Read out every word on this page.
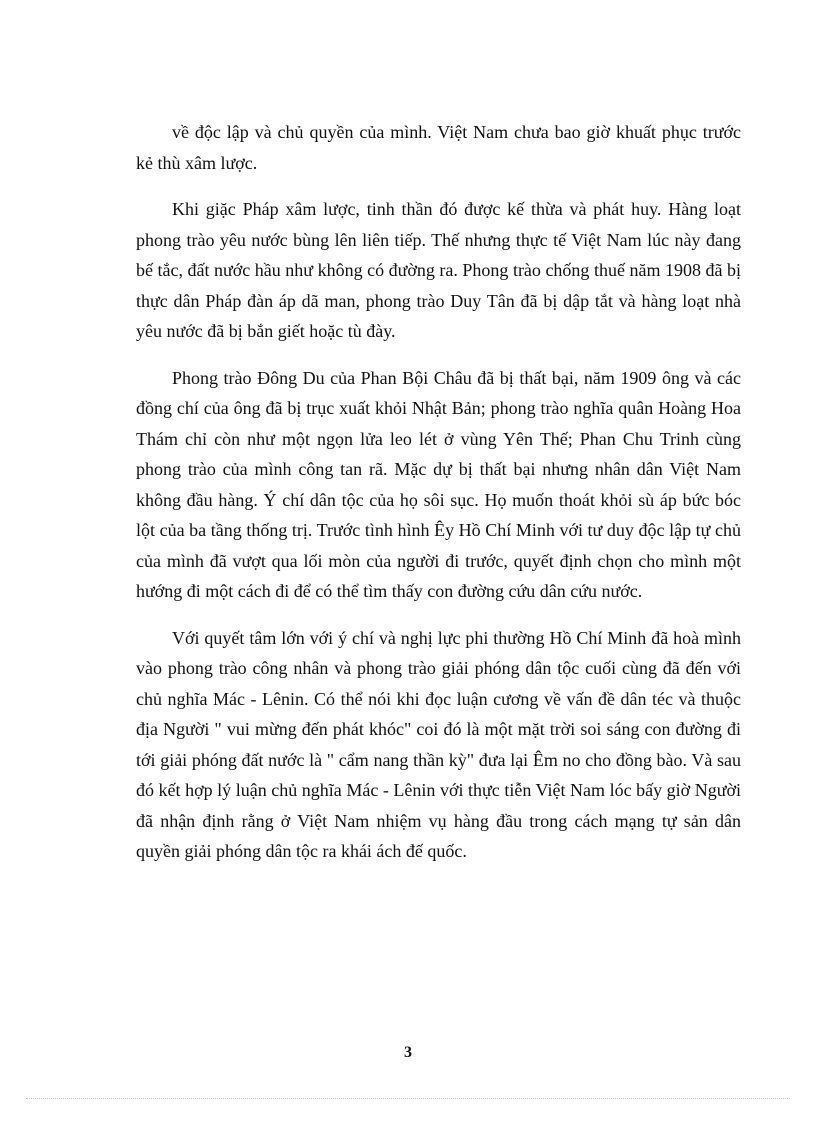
về độc lập và chủ quyền của mình. Việt Nam chưa bao giờ khuất phục trước kẻ thù xâm lược.

Khi giặc Pháp xâm lược, tinh thần đó được kế thừa và phát huy. Hàng loạt phong trào yêu nước bùng lên liên tiếp. Thế nhưng thực tế Việt Nam lúc này đang bế tắc, đất nước hầu như không có đường ra. Phong trào chống thuế năm 1908 đã bị thực dân Pháp đàn áp dã man, phong trào Duy Tân đã bị dập tắt và hàng loạt nhà yêu nước đã bị bắn giết hoặc tù đày.

Phong trào Đông Du của Phan Bội Châu đã bị thất bại, năm 1909 ông và các đồng chí của ông đã bị trục xuất khỏi Nhật Bản; phong trào nghĩa quân Hoàng Hoa Thám chỉ còn như một ngọn lửa leo lét ở vùng Yên Thế; Phan Chu Trinh cùng phong trào của mình công tan rã. Mặc dự bị thất bại nhưng nhân dân Việt Nam không đầu hàng. Ý chí dân tộc của họ sôi sục. Họ muốn thoát khỏi sù áp bức bóc lột của ba tầng thống trị. Trước tình hình Êy Hồ Chí Minh với tư duy độc lập tự chủ của mình đã vượt qua lối mòn của người đi trước, quyết định chọn cho mình một hướng đi một cách đi để có thể tìm thấy con đường cứu dân cứu nước.

Với quyết tâm lớn với ý chí và nghị lực phi thường Hồ Chí Minh đã hoà mình vào phong trào công nhân và phong trào giải phóng dân tộc cuối cùng đã đến với chủ nghĩa Mác - Lênin. Có thể nói khi đọc luận cương về vấn đề dân téc và thuộc địa Người " vui mừng đến phát khóc" coi đó là một mặt trời soi sáng con đường đi tới giải phóng đất nước là " cẩm nang thần kỳ" đưa lại Êm no cho đồng bào. Và sau đó kết hợp lý luận chủ nghĩa Mác - Lênin với thực tiễn Việt Nam lóc bấy giờ Người đã nhận định rằng ở Việt Nam nhiệm vụ hàng đầu trong cách mạng tự sản dân quyền giải phóng dân tộc ra khái ách đế quốc.

3
